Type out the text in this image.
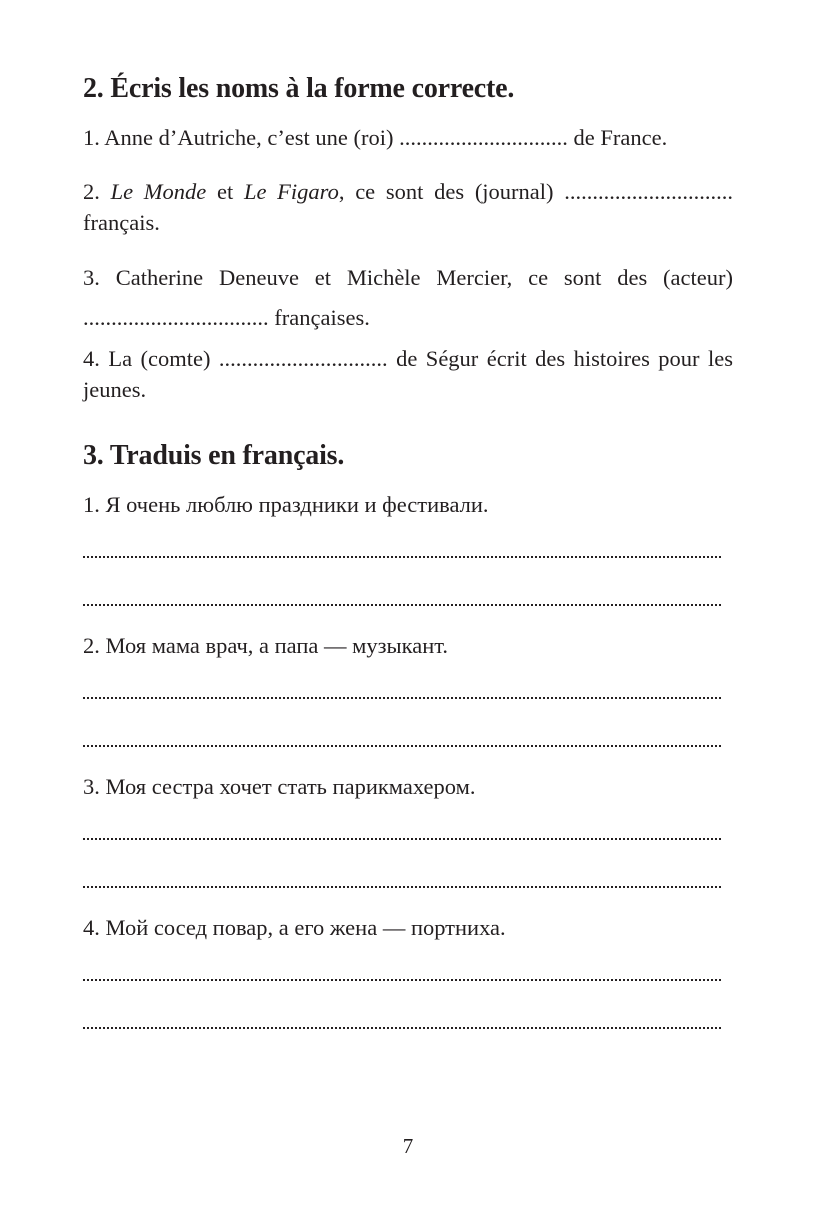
2. Écris les noms à la forme correcte.
1. Anne d’Autriche, c’est une (roi) .............................. de France.
2. Le Monde et Le Figaro, ce sont des (journal) .............................. français.
3. Catherine Deneuve et Michèle Mercier, ce sont des (acteur) ................................. françaises.
4. La (comte) .............................. de Ségur écrit des histoires pour les jeunes.
3. Traduis en français.
1. Я очень люблю праздники и фестивали.
2. Моя мама врач, а папа — музыкант.
3. Моя сестра хочет стать парикмахером.
4. Мой сосед повар, а его жена — портниха.
7
